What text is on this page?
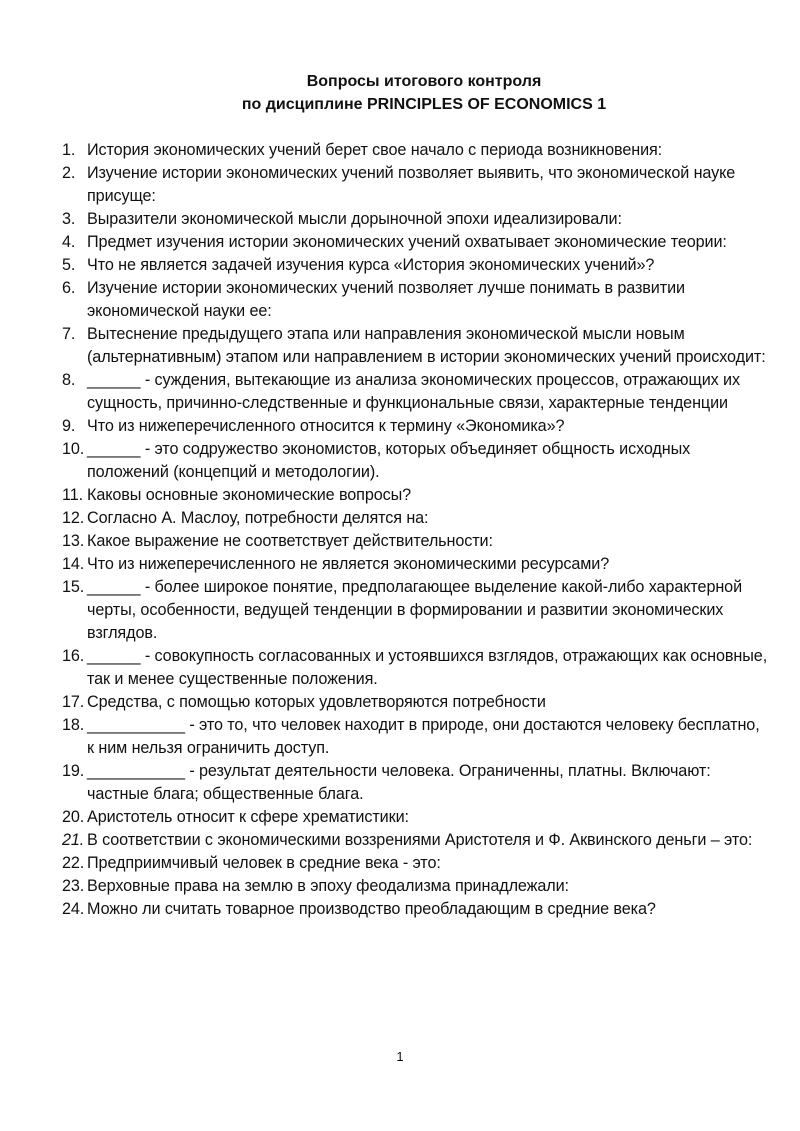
Вопросы итогового контроля
по дисциплине PRINCIPLES OF ECONOMICS 1
1. История экономических учений берет свое начало с периода возникновения:
2. Изучение истории экономических учений позволяет выявить, что экономической науке присуще:
3. Выразители экономической мысли дорыночной эпохи идеализировали:
4. Предмет изучения истории экономических учений охватывает экономические теории:
5. Что не является задачей изучения курса «История экономических учений»?
6. Изучение истории экономических учений позволяет лучше понимать в развитии экономической науки ее:
7. Вытеснение предыдущего этапа или направления экономической мысли новым (альтернативным) этапом или направлением в истории экономических учений происходит:
8. ______ - суждения, вытекающие из анализа экономических процессов, отражающих их сущность, причинно-следственные и функциональные связи, характерные тенденции
9. Что из нижеперечисленного относится к термину «Экономика»?
10. ______ - это содружество экономистов, которых объединяет общность исходных положений (концепций и методологии).
11. Каковы основные экономические вопросы?
12. Согласно А. Маслоу, потребности делятся на:
13. Какое выражение не соответствует действительности:
14. Что из нижеперечисленного не является экономическими ресурсами?
15. ______ - более широкое понятие, предполагающее выделение какой-либо характерной черты, особенности, ведущей тенденции в формировании и развитии экономических взглядов.
16. ______ - совокупность согласованных и устоявшихся взглядов, отражающих как основные, так и менее существенные положения.
17. Средства, с помощью которых удовлетворяются потребности
18. ___________ - это то, что человек находит в природе, они достаются человеку бесплатно, к ним нельзя ограничить доступ.
19. ___________ - результат деятельности человека. Ограниченны, платны. Включают: частные блага; общественные блага.
20. Аристотель относит к сфере хрематистики:
21. В соответствии с экономическими воззрениями Аристотеля и Ф. Аквинского деньги – это:
22. Предприимчивый человек в средние века - это:
23. Верховные права на землю в эпоху феодализма принадлежали:
24. Можно ли считать товарное производство преобладающим в средние века?
1
